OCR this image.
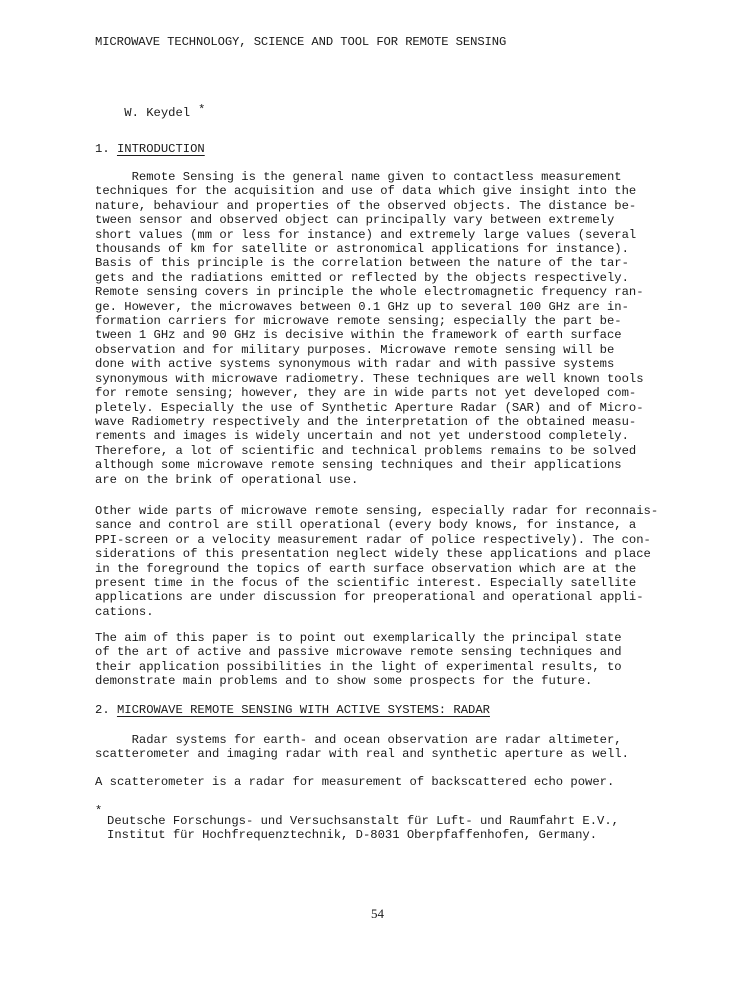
MICROWAVE TECHNOLOGY, SCIENCE AND TOOL FOR REMOTE SENSING

W. Keydel *

1. INTRODUCTION
Remote Sensing is the general name given to contactless measurement
techniques for the acquisition and use of data which give insight into the
nature, behaviour and properties of the observed objects. The distance be-
tween sensor and observed object can principally vary between extremely
short values (mm or less for instance) and extremely large values (several
thousands of km for satellite or astronomical applications for instance).
Basis of this principle is the correlation between the nature of the tar-
gets and the radiations emitted or reflected by the objects respectively.
Remote sensing covers in principle the whole electromagnetic frequency ran-
ge. However, the microwaves between 0.1 GHz up to several 100 GHz are in-
formation carriers for microwave remote sensing; especially the part be-
tween 1 GHz and 90 GHz is decisive within the framework of earth surface
observation and for military purposes. Microwave remote sensing will be
done with active systems synonymous with radar and with passive systems
synonymous with microwave radiometry. These techniques are well known tools
for remote sensing; however, they are in wide parts not yet developed com-
pletely. Especially the use of Synthetic Aperture Radar (SAR) and of Micro-
wave Radiometry respectively and the interpretation of the obtained measu-
rements and images is widely uncertain and not yet understood completely.
Therefore, a lot of scientific and technical problems remains to be solved
although some microwave remote sensing techniques and their applications
are on the brink of operational use.
Other wide parts of microwave remote sensing, especially radar for reconnais-
sance and control are still operational (every body knows, for instance, a
PPI-screen or a velocity measurement radar of police respectively). The con-
siderations of this presentation neglect widely these applications and place
in the foreground the topics of earth surface observation which are at the
present time in the focus of the scientific interest. Especially satellite
applications are under discussion for preoperational and operational appli-
cations.
The aim of this paper is to point out exemplarically the principal state
of the art of active and passive microwave remote sensing techniques and
their application possibilities in the light of experimental results, to
demonstrate main problems and to show some prospects for the future.
2. MICROWAVE REMOTE SENSING WITH ACTIVE SYSTEMS: RADAR
Radar systems for earth- and ocean observation are radar altimeter,
scatterometer and imaging radar with real and synthetic aperture as well.
A scatterometer is a radar for measurement of backscattered echo power.
*
Deutsche Forschungs- und Versuchsanstalt für Luft- und Raumfahrt E.V.,
Institut für Hochfrequenztechnik, D-8031 Oberpfaffenhofen, Germany.
54
